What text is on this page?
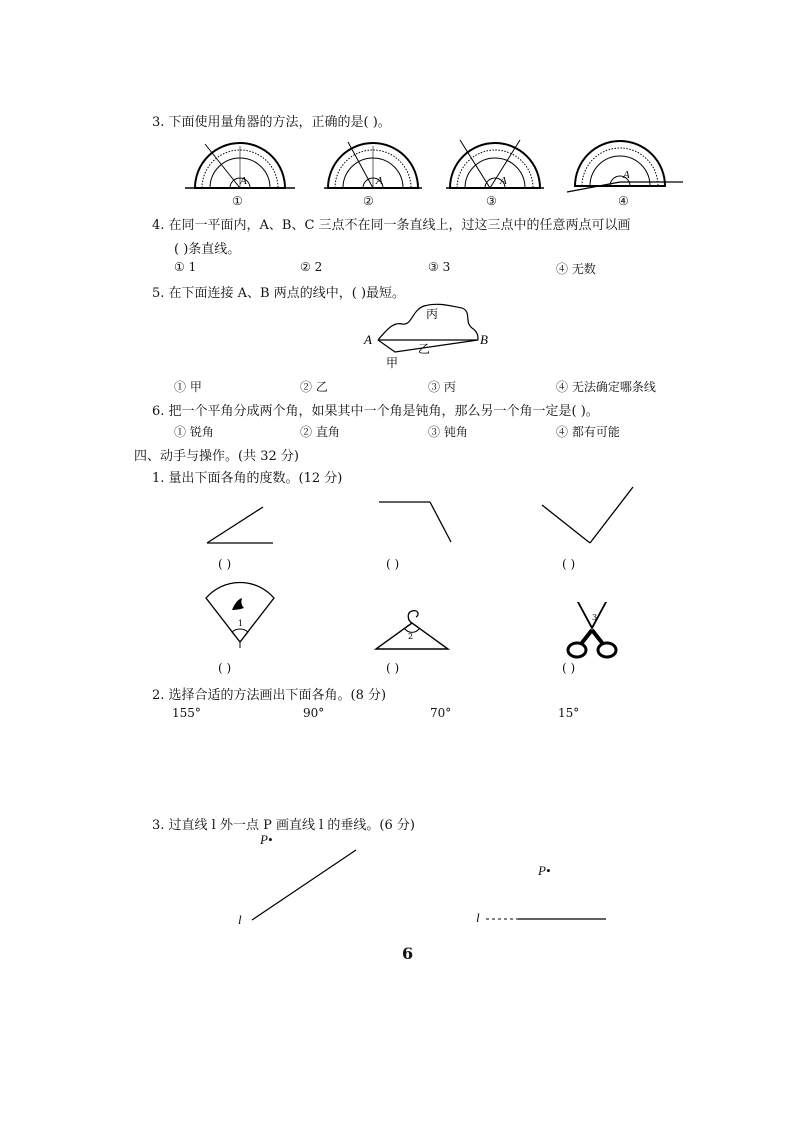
3. 下面使用量角器的方法，正确的是( )。
A
①
A
②
A
③
A
④
4. 在同一平面内，A、B、C 三点不在同一条直线上，过这三点中的任意两点可以画
( )条直线。
① 1	② 2	③ 3	④ 无数
5. 在下面连接 A、B 两点的线中，( )最短。
A	B
甲
乙
丙
① 甲	② 乙	③ 丙	④ 无法确定哪条线
6. 把一个平角分成两个角，如果其中一个角是钝角，那么另一个角一定是( )。
① 锐角	② 直角	③ 钝角	④ 都有可能
四、动手与操作。(共 32 分)
1. 量出下面各角的度数。(12 分)
( )	( )	( )
1
( )
2
( )
3
( )
2. 选择合适的方法画出下面各角。(8 分)
155°	90°	70°	15°
3. 过直线 l 外一点 P 画直线 l 的垂线。(6 分)
P•
l
P•
l
6
